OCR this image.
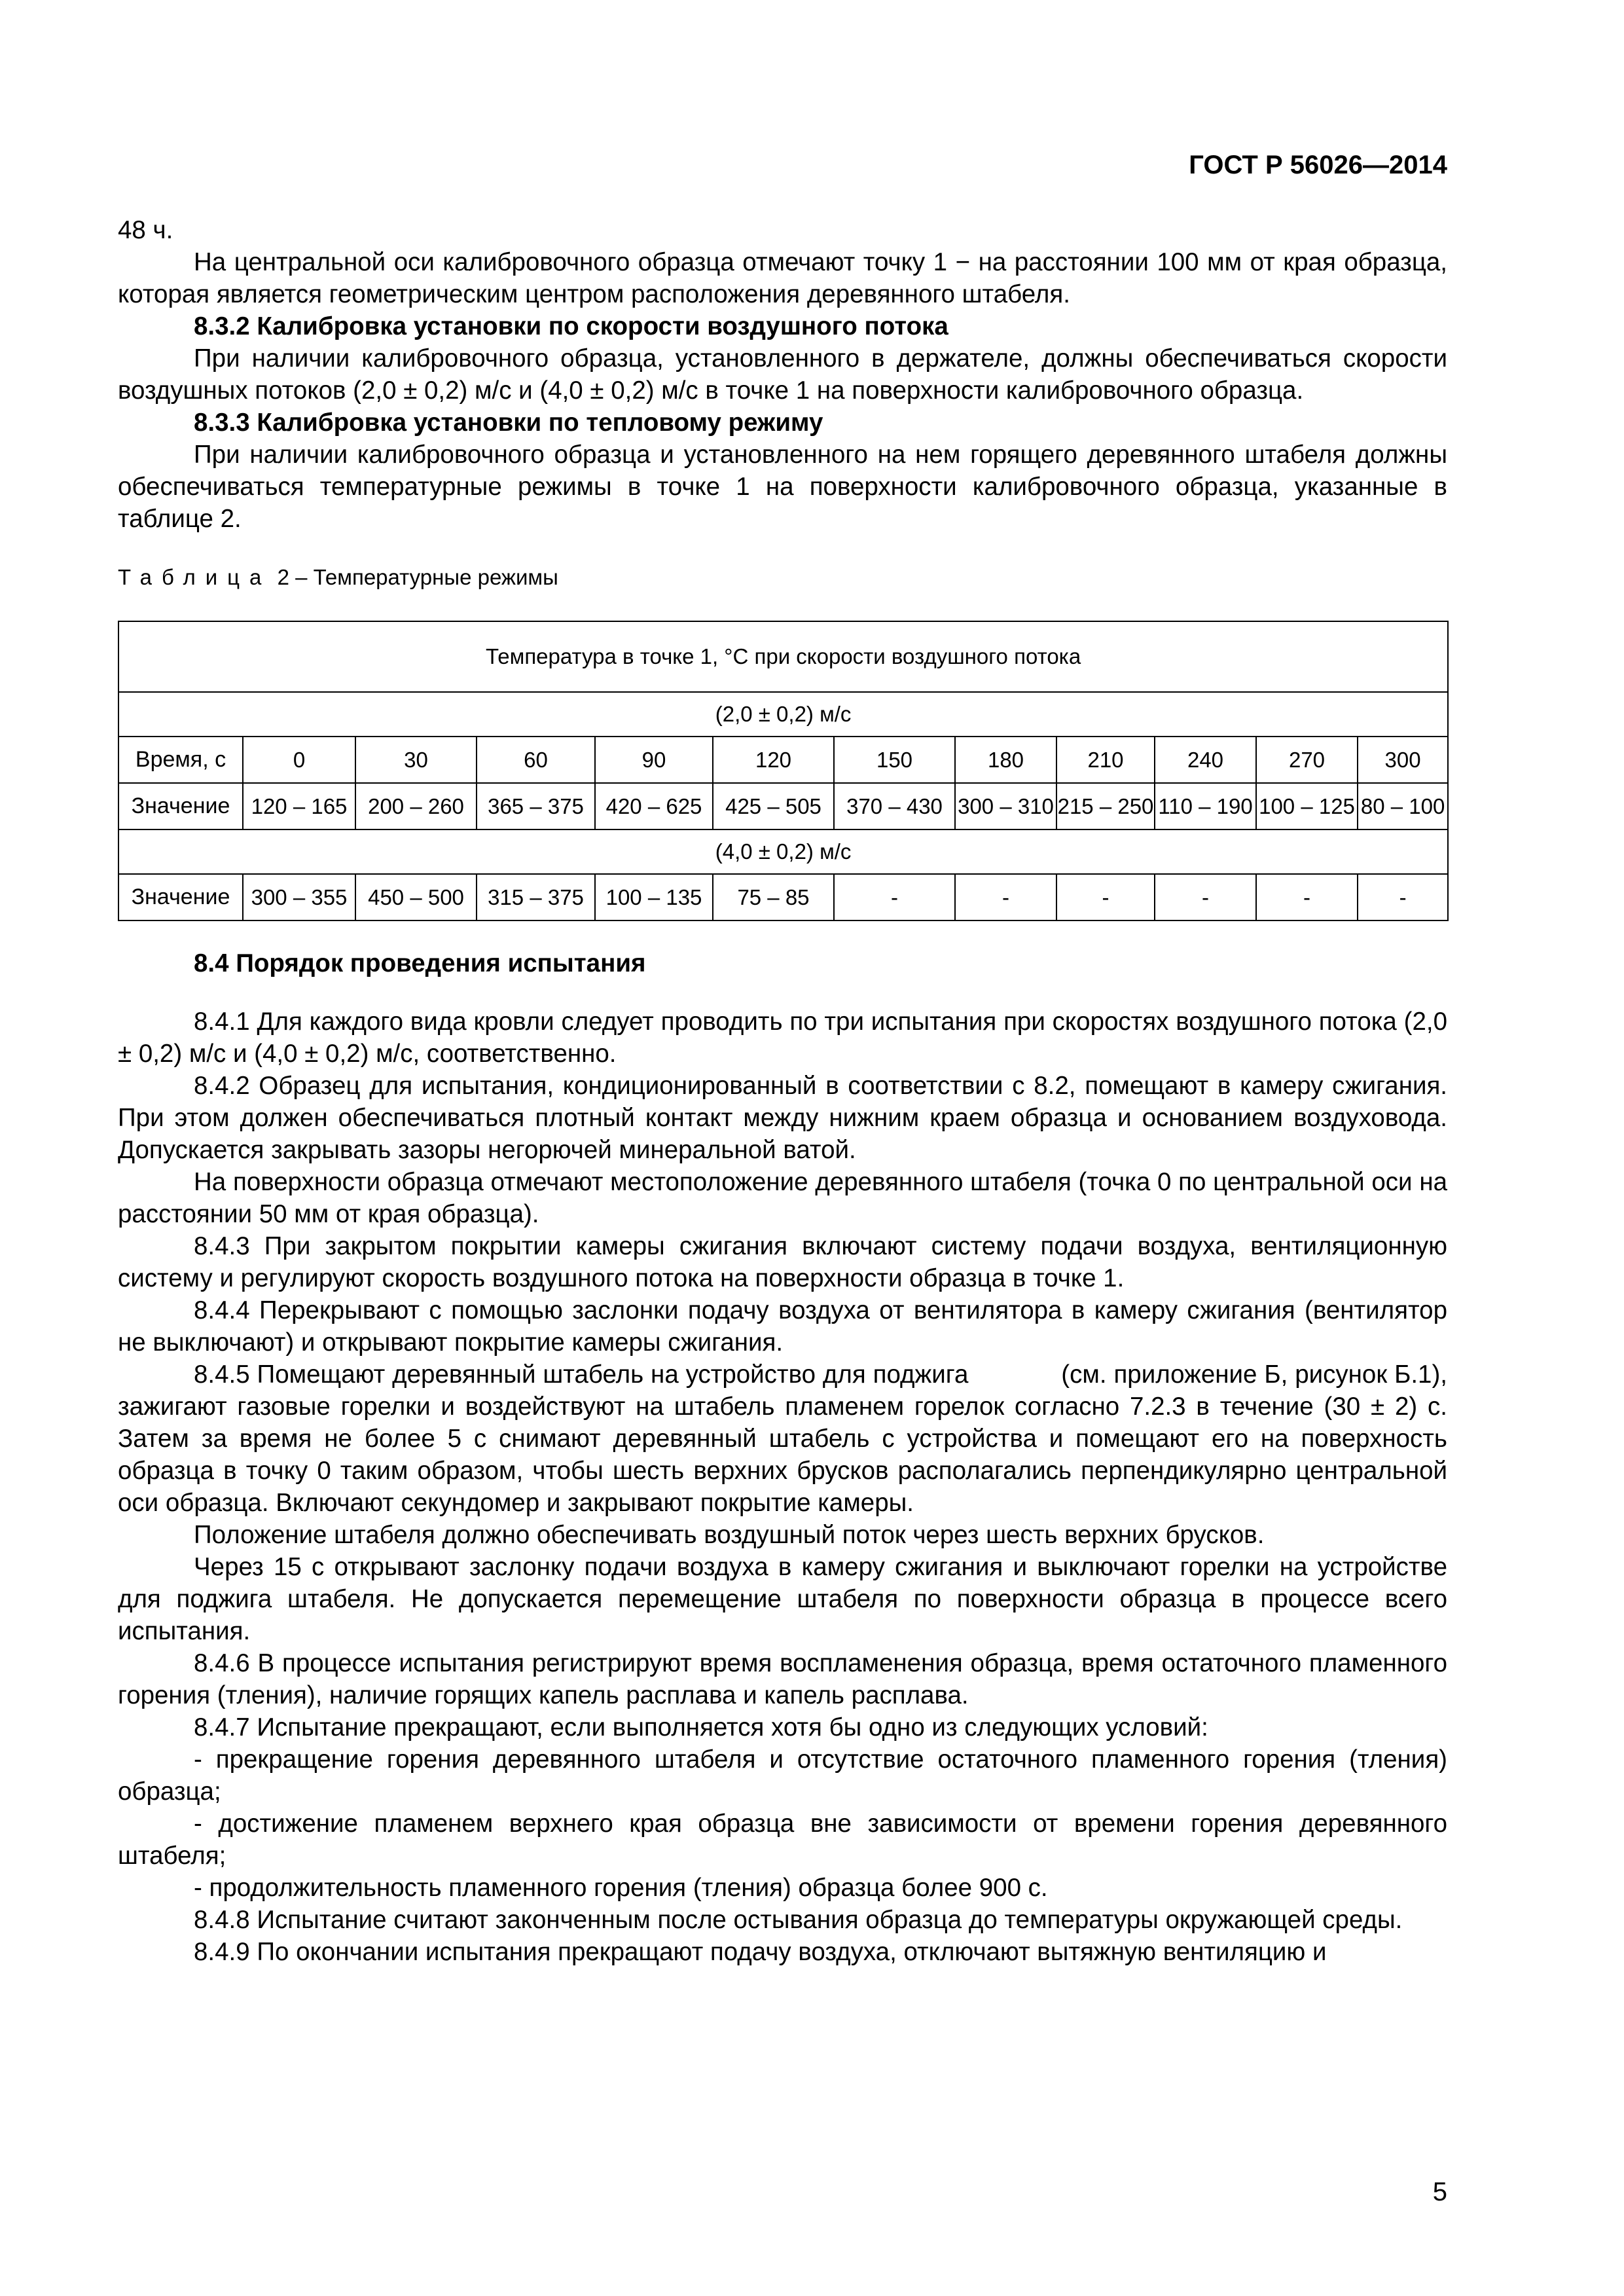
ГОСТ Р 56026—2014

48 ч.

На центральной оси калибровочного образца отмечают точку 1 − на расстоянии 100 мм от края образца, которая является геометрическим центром расположения деревянного штабеля.

8.3.2 Калибровка установки по скорости воздушного потока

При наличии калибровочного образца, установленного в держателе, должны обеспечиваться скорости воздушных потоков (2,0 ± 0,2) м/с и (4,0 ± 0,2) м/с в точке 1 на поверхности калибровочного образца.

8.3.3 Калибровка установки по тепловому режиму

При наличии калибровочного образца и установленного на нем горящего деревянного штабеля должны обеспечиваться температурные режимы в точке 1 на поверхности калибровочного образца, указанные в таблице 2.

Таблица 2 – Температурные режимы

Температура в точке 1, °C при скорости воздушного потока											
(2,0 ± 0,2) м/с											
Время, с	0	30	60	90	120	150	180	210	240	270	300
Значение	120 – 165	200 – 260	365 – 375	420 – 625	425 – 505	370 – 430	300 – 310	215 – 250	110 – 190	100 – 125	80 – 100
(4,0 ± 0,2) м/с											
Значение	300 – 355	450 – 500	315 – 375	100 – 135	75 – 85	-	-	-	-	-	-

8.4 Порядок проведения испытания

8.4.1 Для каждого вида кровли следует проводить по три испытания при скоростях воздушного потока (2,0 ± 0,2) м/с и (4,0 ± 0,2) м/с, соответственно.

8.4.2 Образец для испытания, кондиционированный в соответствии с 8.2, помещают в камеру сжигания. При этом должен обеспечиваться плотный контакт между нижним краем образца и основанием воздуховода. Допускается закрывать зазоры негорючей минеральной ватой.

На поверхности образца отмечают местоположение деревянного штабеля (точка 0 по центральной оси на расстоянии 50 мм от края образца).

8.4.3 При закрытом покрытии камеры сжигания включают систему подачи воздуха, вентиляционную систему и регулируют скорость воздушного потока на поверхности образца в точке 1.

8.4.4 Перекрывают с помощью заслонки подачу воздуха от вентилятора в камеру сжигания (вентилятор не выключают) и открывают покрытие камеры сжигания.

8.4.5 Помещают деревянный штабель на устройство для поджига             (см. приложение Б, рисунок Б.1), зажигают газовые горелки и воздействуют на штабель пламенем горелок согласно 7.2.3 в течение (30 ± 2) с. Затем за время не более 5 с снимают деревянный штабель с устройства и помещают его на поверхность образца в точку 0 таким образом, чтобы шесть верхних брусков располагались перпендикулярно центральной оси образца. Включают секундомер и закрывают покрытие камеры.

Положение штабеля должно обеспечивать воздушный поток через шесть верхних брусков.

Через 15 с открывают заслонку подачи воздуха в камеру сжигания и выключают горелки на устройстве для поджига штабеля. Не допускается перемещение штабеля по поверхности образца в процессе всего испытания.

8.4.6 В процессе испытания регистрируют время воспламенения образца, время остаточного пламенного горения (тления), наличие горящих капель расплава и капель расплава.

8.4.7 Испытание прекращают, если выполняется хотя бы одно из следующих условий:

- прекращение горения деревянного штабеля и отсутствие остаточного пламенного горения (тления) образца;

- достижение пламенем верхнего края образца вне зависимости от времени горения деревянного штабеля;

- продолжительность пламенного горения (тления) образца более 900 с.

8.4.8 Испытание считают законченным после остывания образца до температуры окружающей среды.

8.4.9 По окончании испытания прекращают подачу воздуха, отключают вытяжную вентиляцию и

5
